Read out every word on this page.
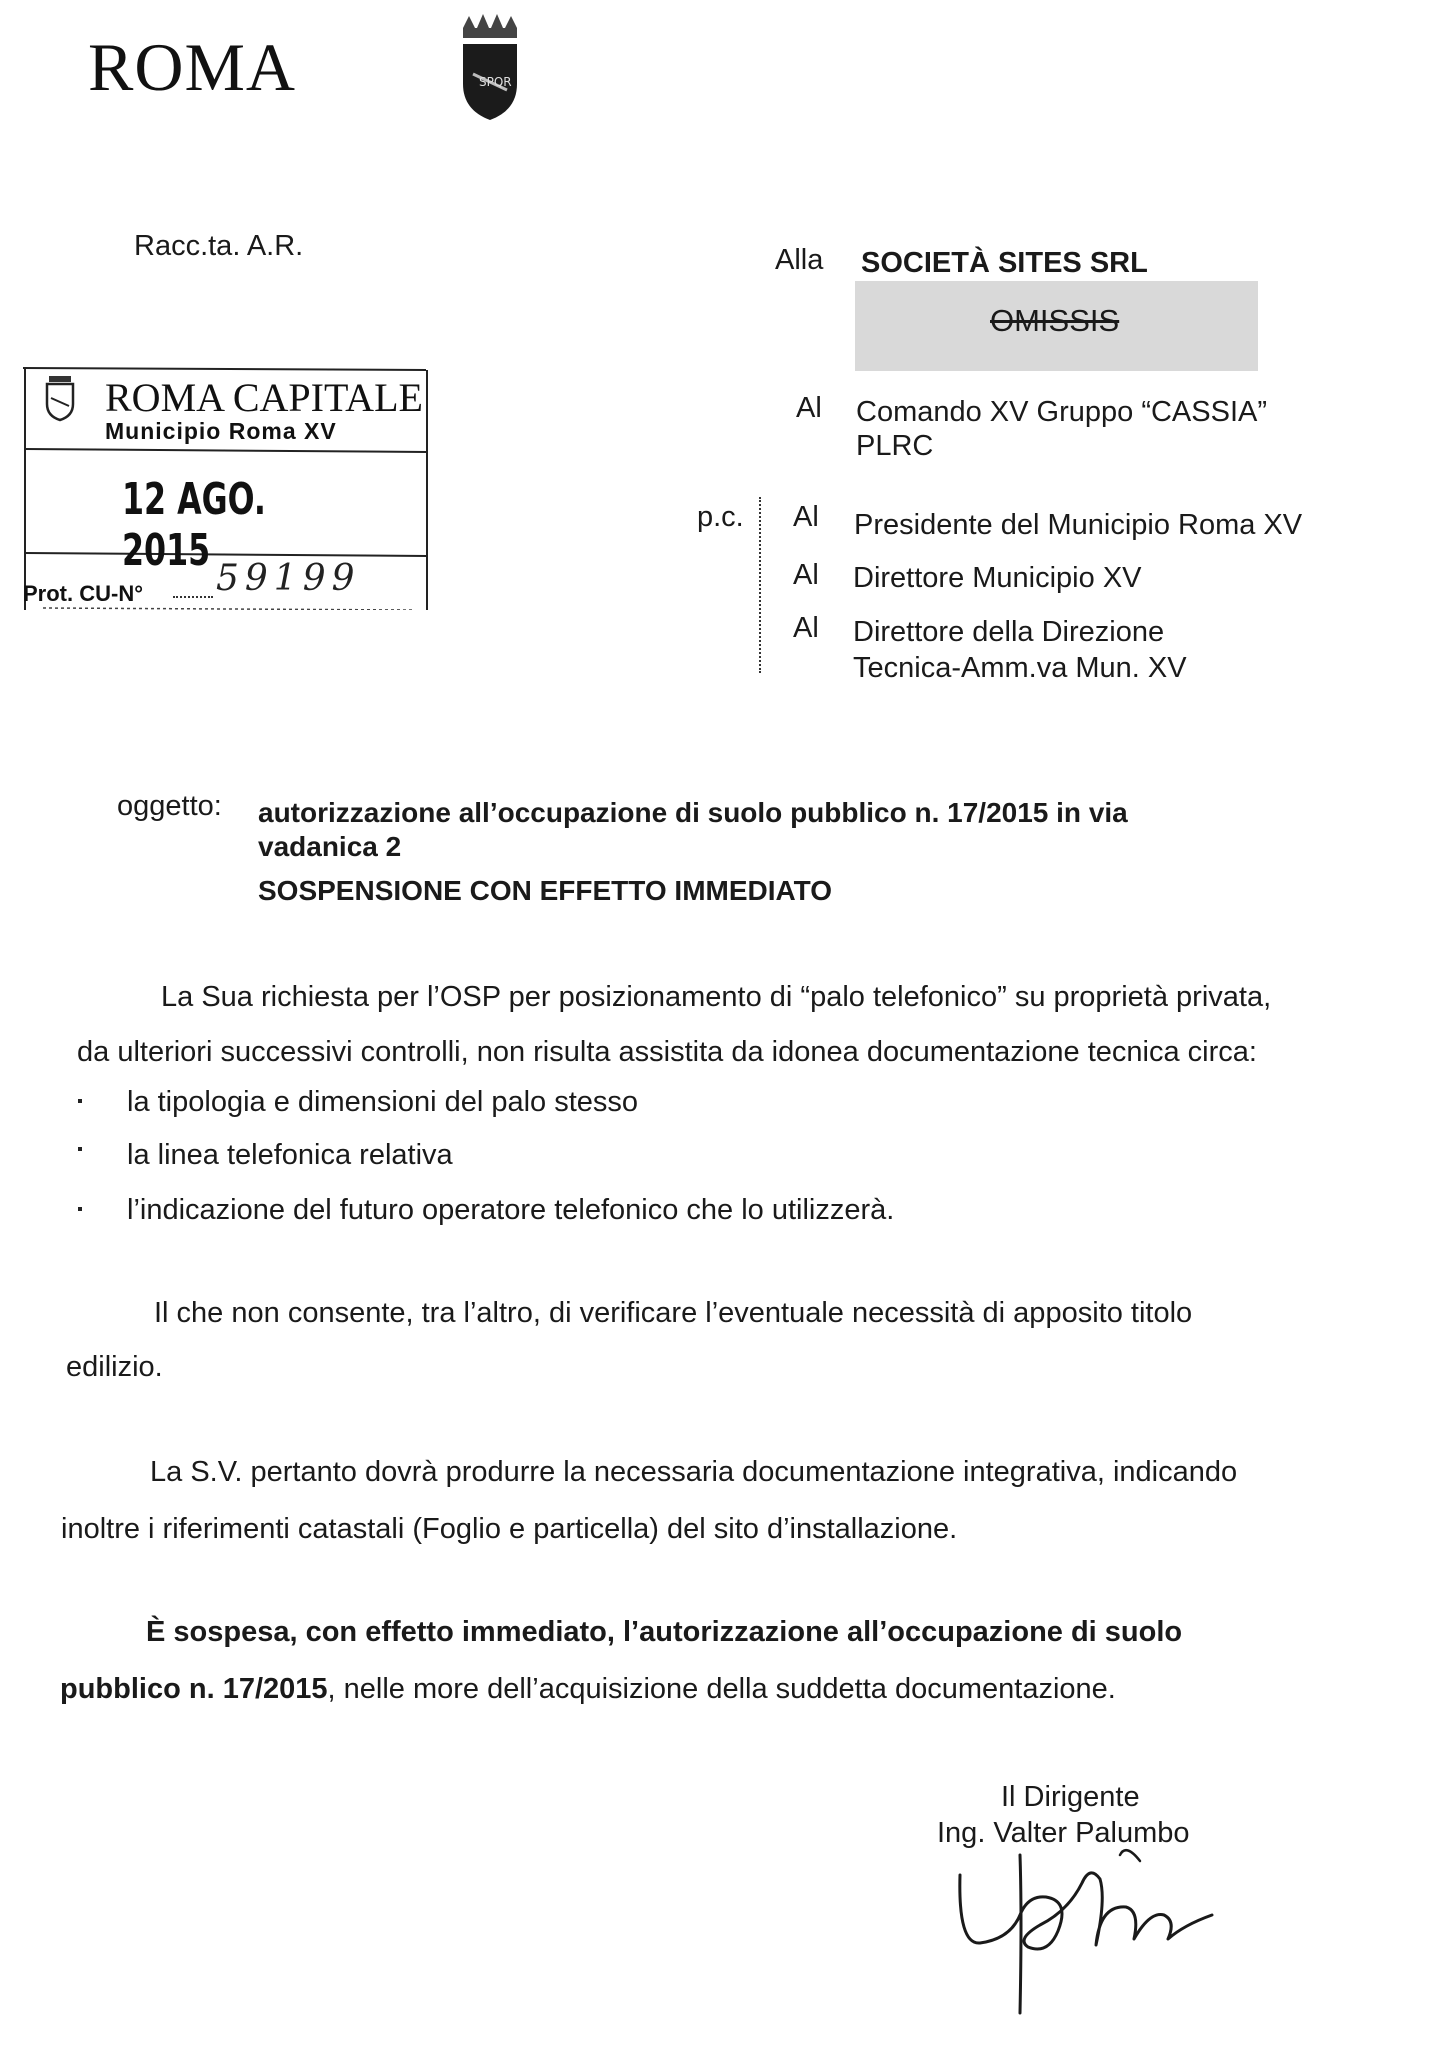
ROMA	SPQR
Racc.ta. A.R.	Alla SOCIETÀ SITES SRL
OMISSIS
Al Comando XV Gruppo “CASSIA”
PLRC
p.c. Al Presidente del Municipio Roma XV
Al Direttore Municipio XV
Al Direttore della Direzione
Tecnica-Amm.va Mun. XV
ROMA CAPITALE
Municipio Roma XV
12 AGO. 2015
Prot. CU-N° 59199
oggetto: autorizzazione all’occupazione di suolo pubblico n. 17/2015 in via
vadanica 2
SOSPENSIONE CON EFFETTO IMMEDIATO
La Sua richiesta per l’OSP per posizionamento di “palo telefonico” su proprietà privata,
da ulteriori successivi controlli, non risulta assistita da idonea documentazione tecnica circa:
la tipologia e dimensioni del palo stesso
la linea telefonica relativa
l’indicazione del futuro operatore telefonico che lo utilizzerà.
Il che non consente, tra l’altro, di verificare l’eventuale necessità di apposito titolo
edilizio.
La S.V. pertanto dovrà produrre la necessaria documentazione integrativa, indicando
inoltre i riferimenti catastali (Foglio e particella) del sito d’installazione.
È sospesa, con effetto immediato, l’autorizzazione all’occupazione di suolo
pubblico n. 17/2015, nelle more dell’acquisizione della suddetta documentazione.
Il Dirigente
Ing. Valter Palumbo
